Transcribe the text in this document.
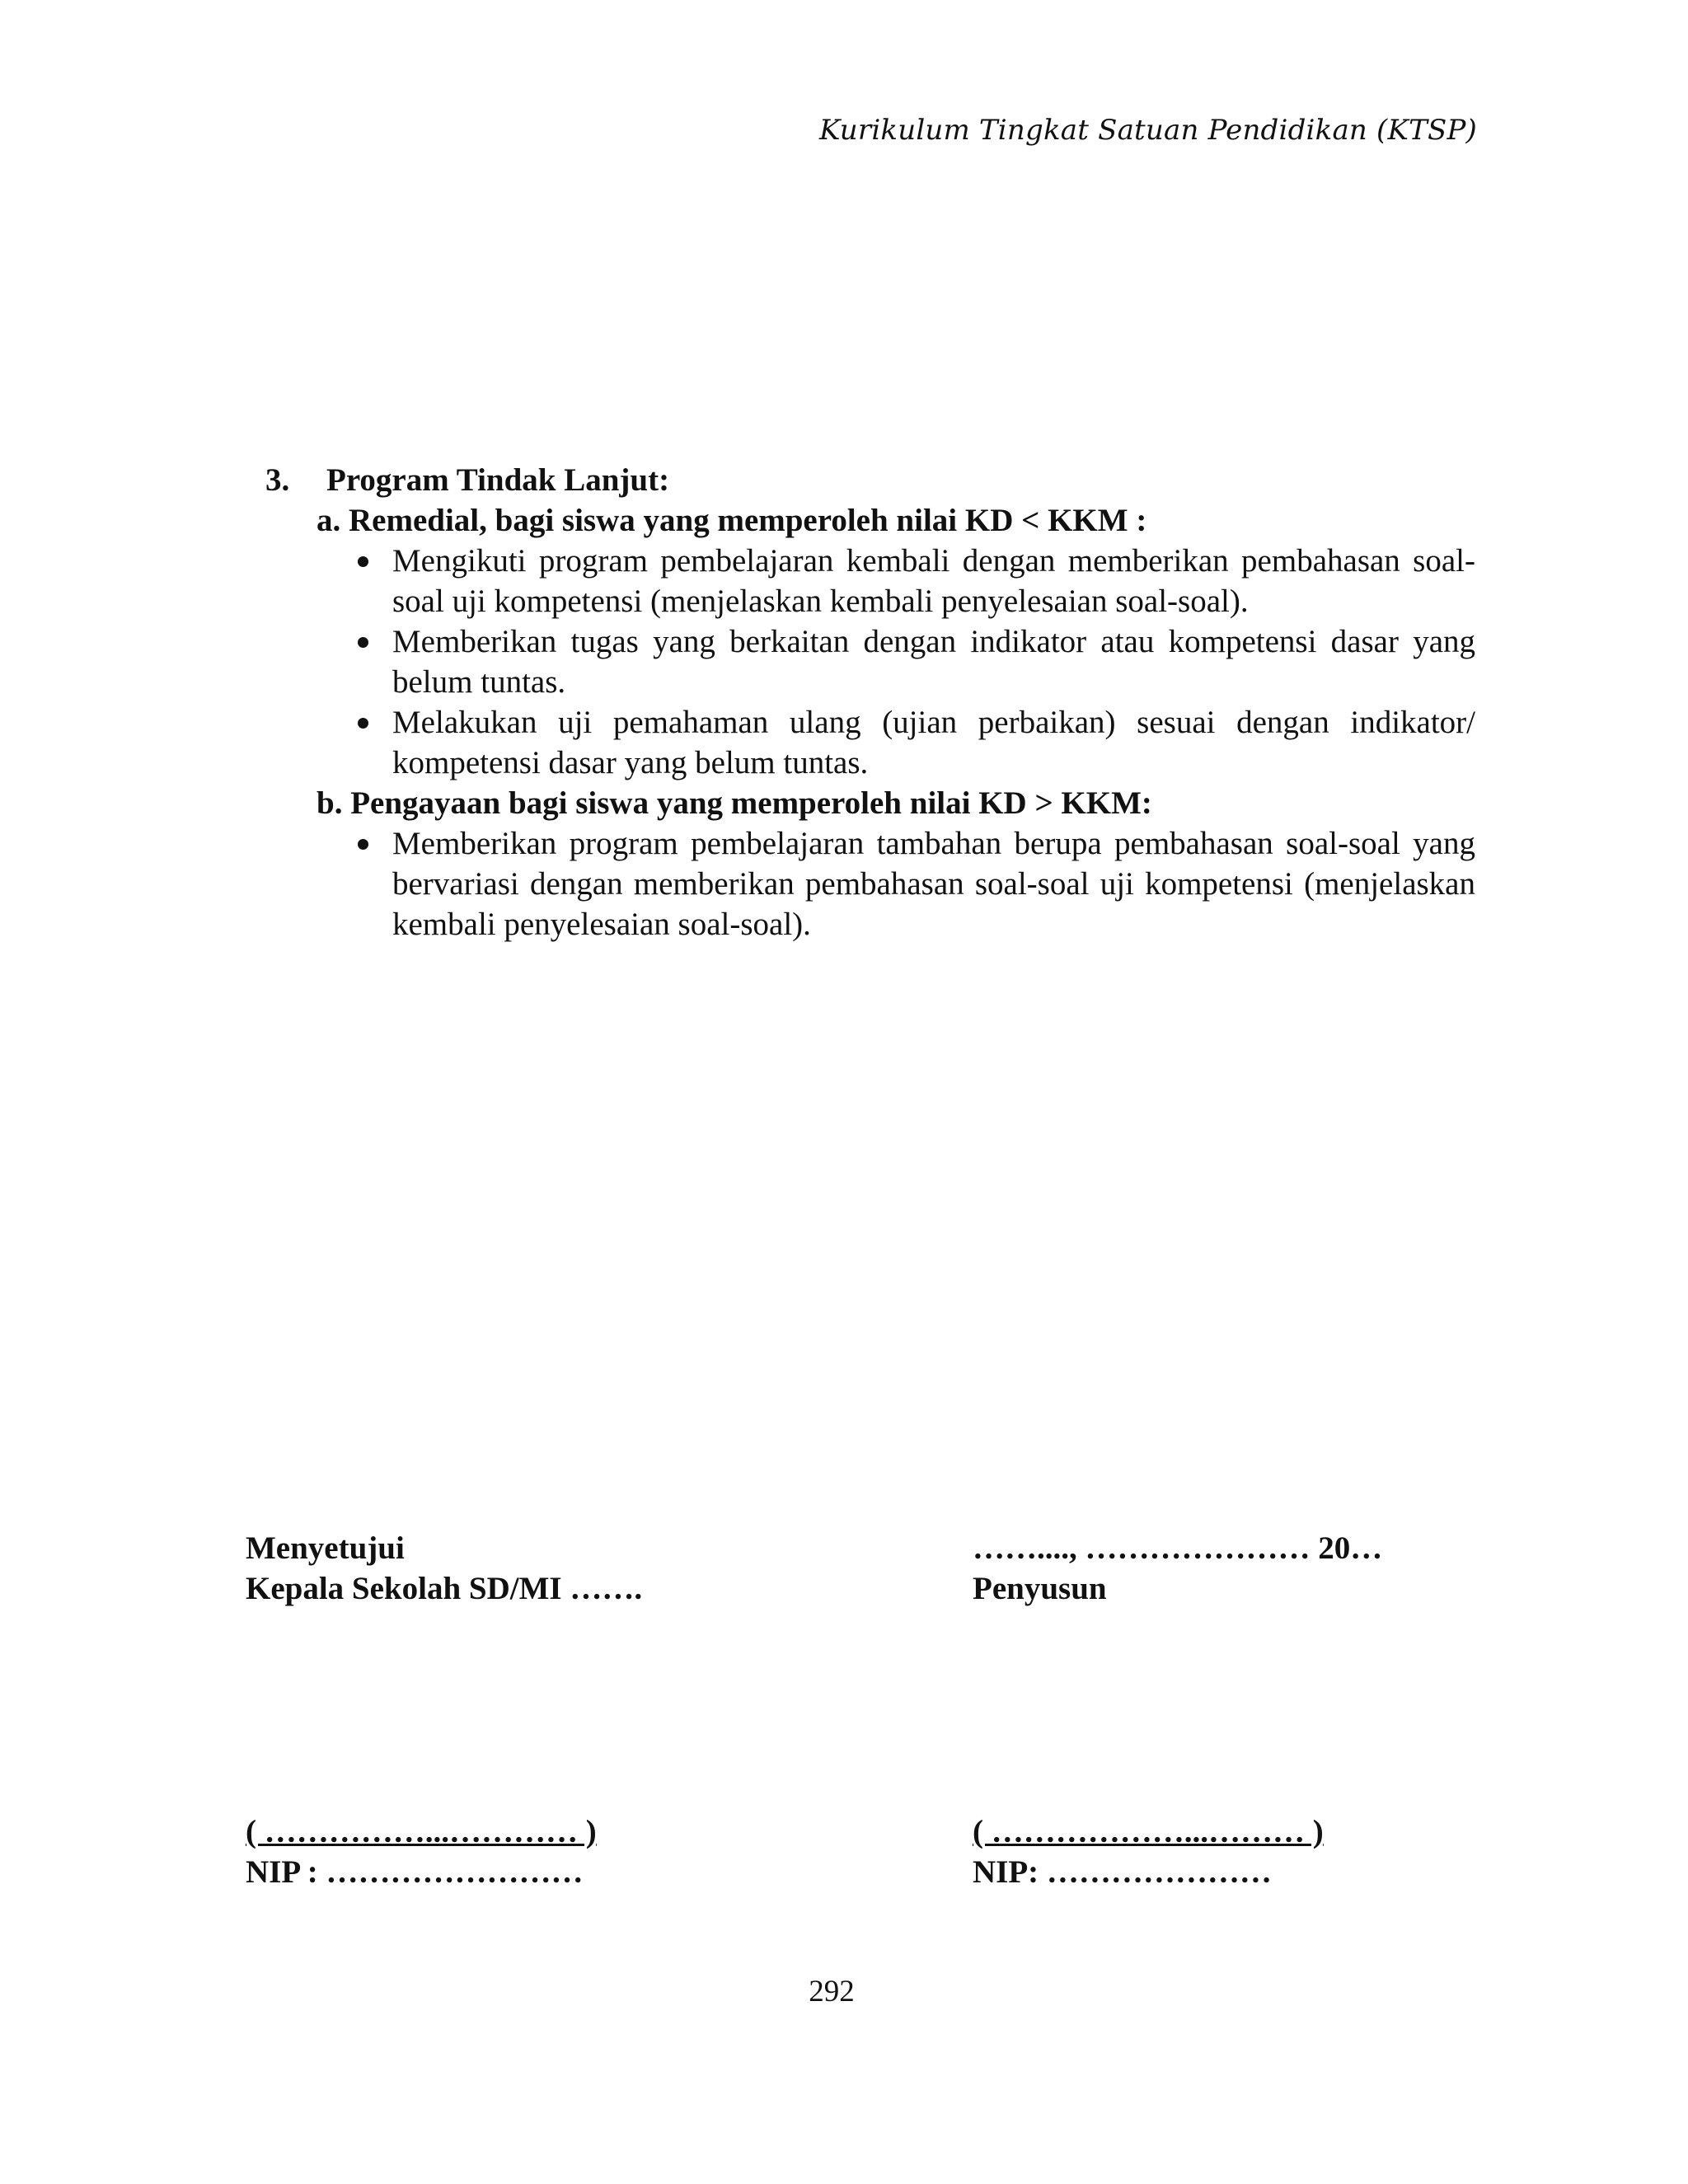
Kurikulum Tingkat Satuan Pendidikan (KTSP)
3.	Program Tindak Lanjut:
a. Remedial, bagi siswa yang memperoleh nilai KD < KKM :
Mengikuti program pembelajaran kembali dengan memberikan pembahasan soal-soal uji kompetensi (menjelaskan kembali penyelesaian soal-soal).
Memberikan tugas yang berkaitan dengan indikator atau kompetensi dasar yang belum tuntas.
Melakukan uji pemahaman ulang (ujian perbaikan) sesuai dengan indikator/ kompetensi dasar yang belum tuntas.
b. Pengayaan bagi siswa yang memperoleh nilai KD > KKM:
Memberikan program pembelajaran tambahan berupa pembahasan soal-soal yang bervariasi dengan memberikan pembahasan soal-soal uji kompetensi (menjelaskan kembali penyelesaian soal-soal).
Menyetujui
Kepala Sekolah SD/MI …….
……...., ………………… 20…
Penyusun
( ……………...………… )
NIP : ……………………
( ………………...……… )
NIP: …………………
292
